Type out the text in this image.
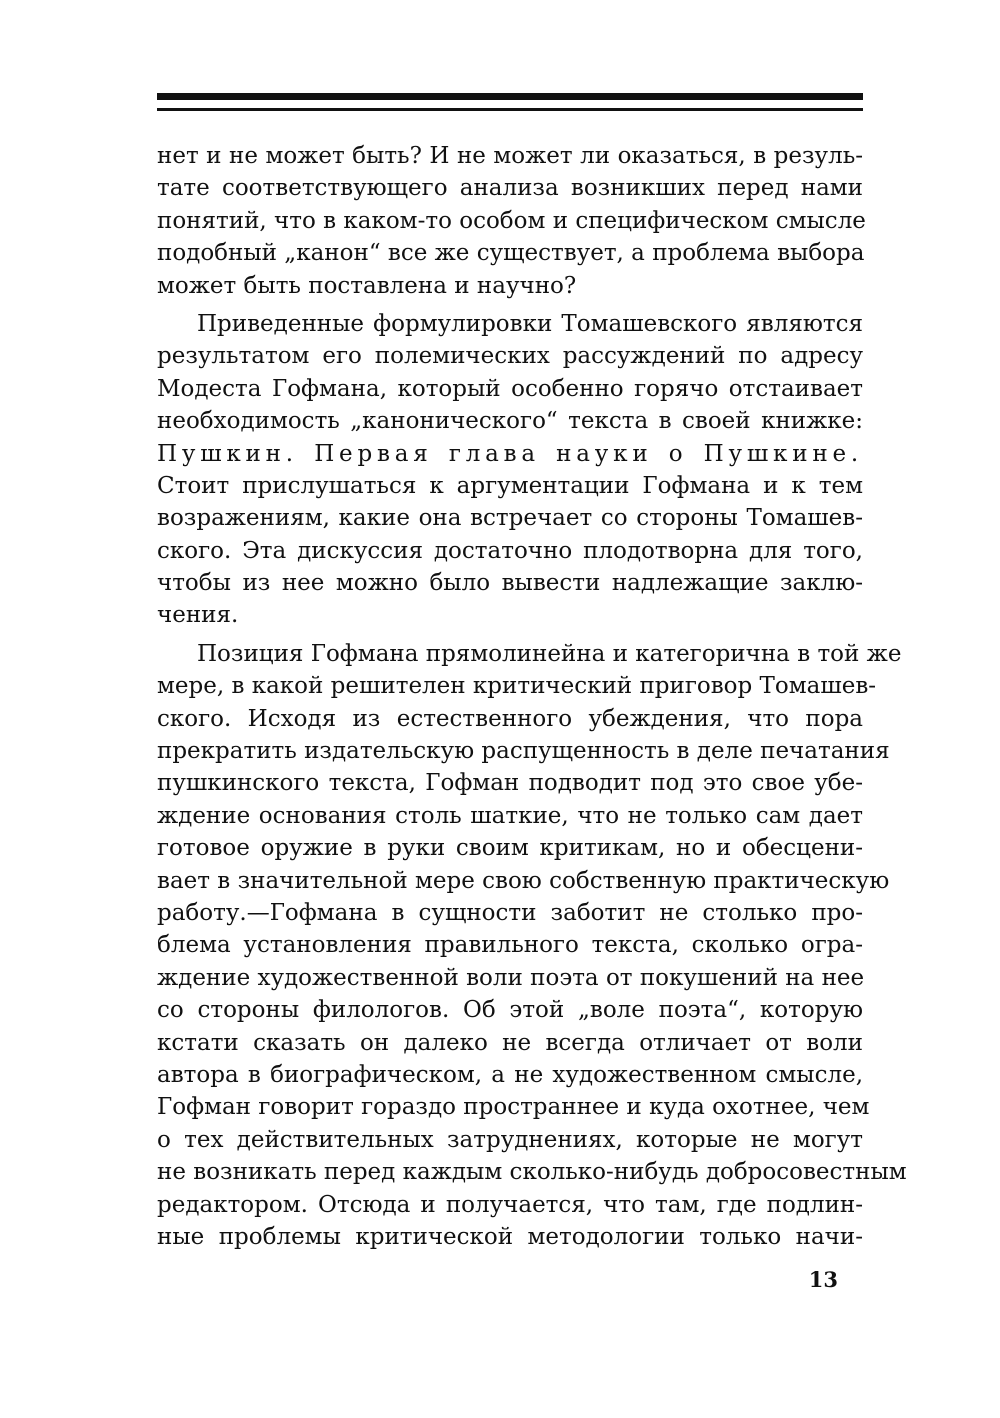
нет и не может быть? И не может ли оказаться, в резуль-
тате соответствующего анализа возникших перед нами
понятий, что в каком-то особом и специфическом смысле
подобный „канон“ все же существует, а проблема выбора
может быть поставлена и научно?
Приведенные формулировки Томашевского являются
результатом его полемических рассуждений по адресу
Модеста Гофмана, который особенно горячо отстаивает
необходимость „канонического“ текста в своей книжке:
Пушкин. Первая глава науки о Пушкине.
Стоит прислушаться к аргументации Гофмана и к тем
возражениям, какие она встречает со стороны Томашев-
ского. Эта дискуссия достаточно плодотворна для того,
чтобы из нее можно было вывести надлежащие заклю-
чения.
Позиция Гофмана прямолинейна и категорична в той же
мере, в какой решителен критический приговор Томашев-
ского. Исходя из естественного убеждения, что пора
прекратить издательскую распущенность в деле печатания
пушкинского текста, Гофман подводит под это свое убе-
ждение основания столь шаткие, что не только сам дает
готовое оружие в руки своим критикам, но и обесцени-
вает в значительной мере свою собственную практическую
работу.—Гофмана в сущности заботит не столько про-
блема установления правильного текста, сколько огра-
ждение художественной воли поэта от покушений на нее
со стороны филологов. Об этой „воле поэта“, которую
кстати сказать он далеко не всегда отличает от воли
автора в биографическом, а не художественном смысле,
Гофман говорит гораздо пространнее и куда охотнее, чем
о тех действительных затруднениях, которые не могут
не возникать перед каждым сколько-нибудь добросовестным
редактором. Отсюда и получается, что там, где подлин-
ные проблемы критической методологии только начи-
13
